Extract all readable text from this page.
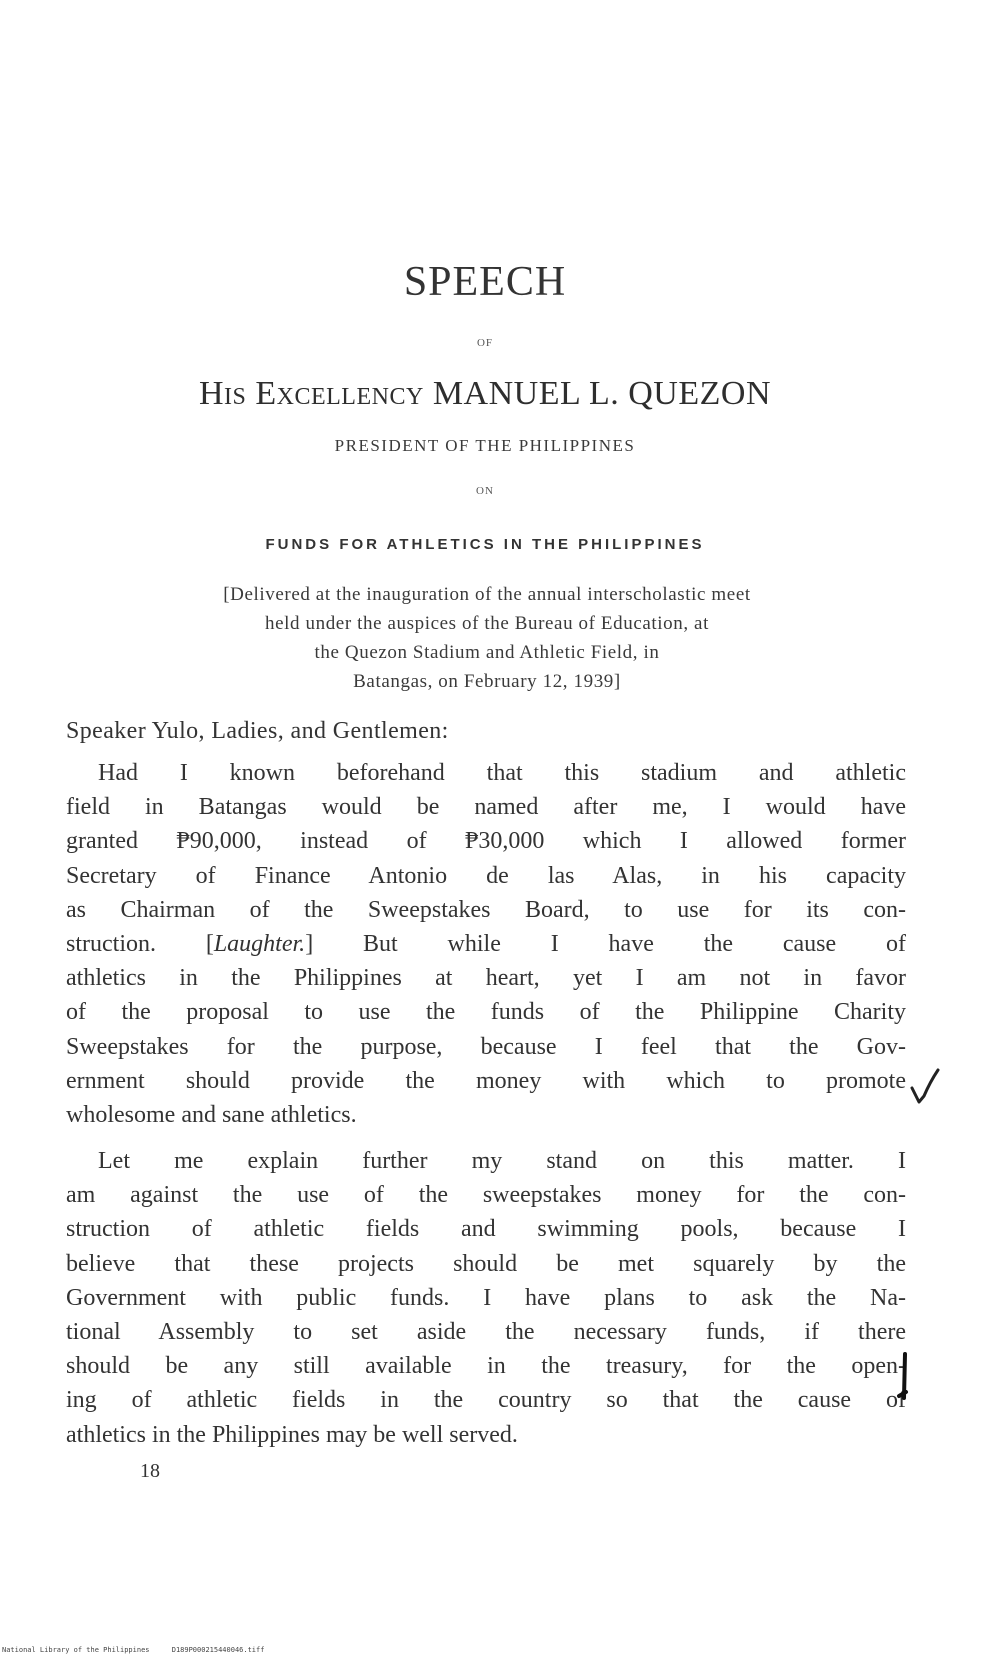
SPEECH
OF
His Excellency MANUEL L. QUEZON
PRESIDENT OF THE PHILIPPINES
ON
FUNDS FOR ATHLETICS IN THE PHILIPPINES
[Delivered at the inauguration of the annual interscholastic meet
held under the auspices of the Bureau of Education, at
the Quezon Stadium and Athletic Field, in
Batangas, on February 12, 1939]
Speaker Yulo, Ladies, and Gentlemen:
Had I known beforehand that this stadium and athletic
field in Batangas would be named after me, I would have
granted ₱90,000, instead of ₱30,000 which I allowed former
Secretary of Finance Antonio de las Alas, in his capacity
as Chairman of the Sweepstakes Board, to use for its con-
struction. [Laughter.] But while I have the cause of
athletics in the Philippines at heart, yet I am not in favor
of the proposal to use the funds of the Philippine Charity
Sweepstakes for the purpose, because I feel that the Gov-
ernment should provide the money with which to promote
wholesome and sane athletics.
Let me explain further my stand on this matter. I
am against the use of the sweepstakes money for the con-
struction of athletic fields and swimming pools, because I
believe that these projects should be met squarely by the
Government with public funds. I have plans to ask the Na-
tional Assembly to set aside the necessary funds, if there
should be any still available in the treasury, for the open-
ing of athletic fields in the country so that the cause of
athletics in the Philippines may be well served.
18
National Library of the Philippines	D189P000215440046.tiff
